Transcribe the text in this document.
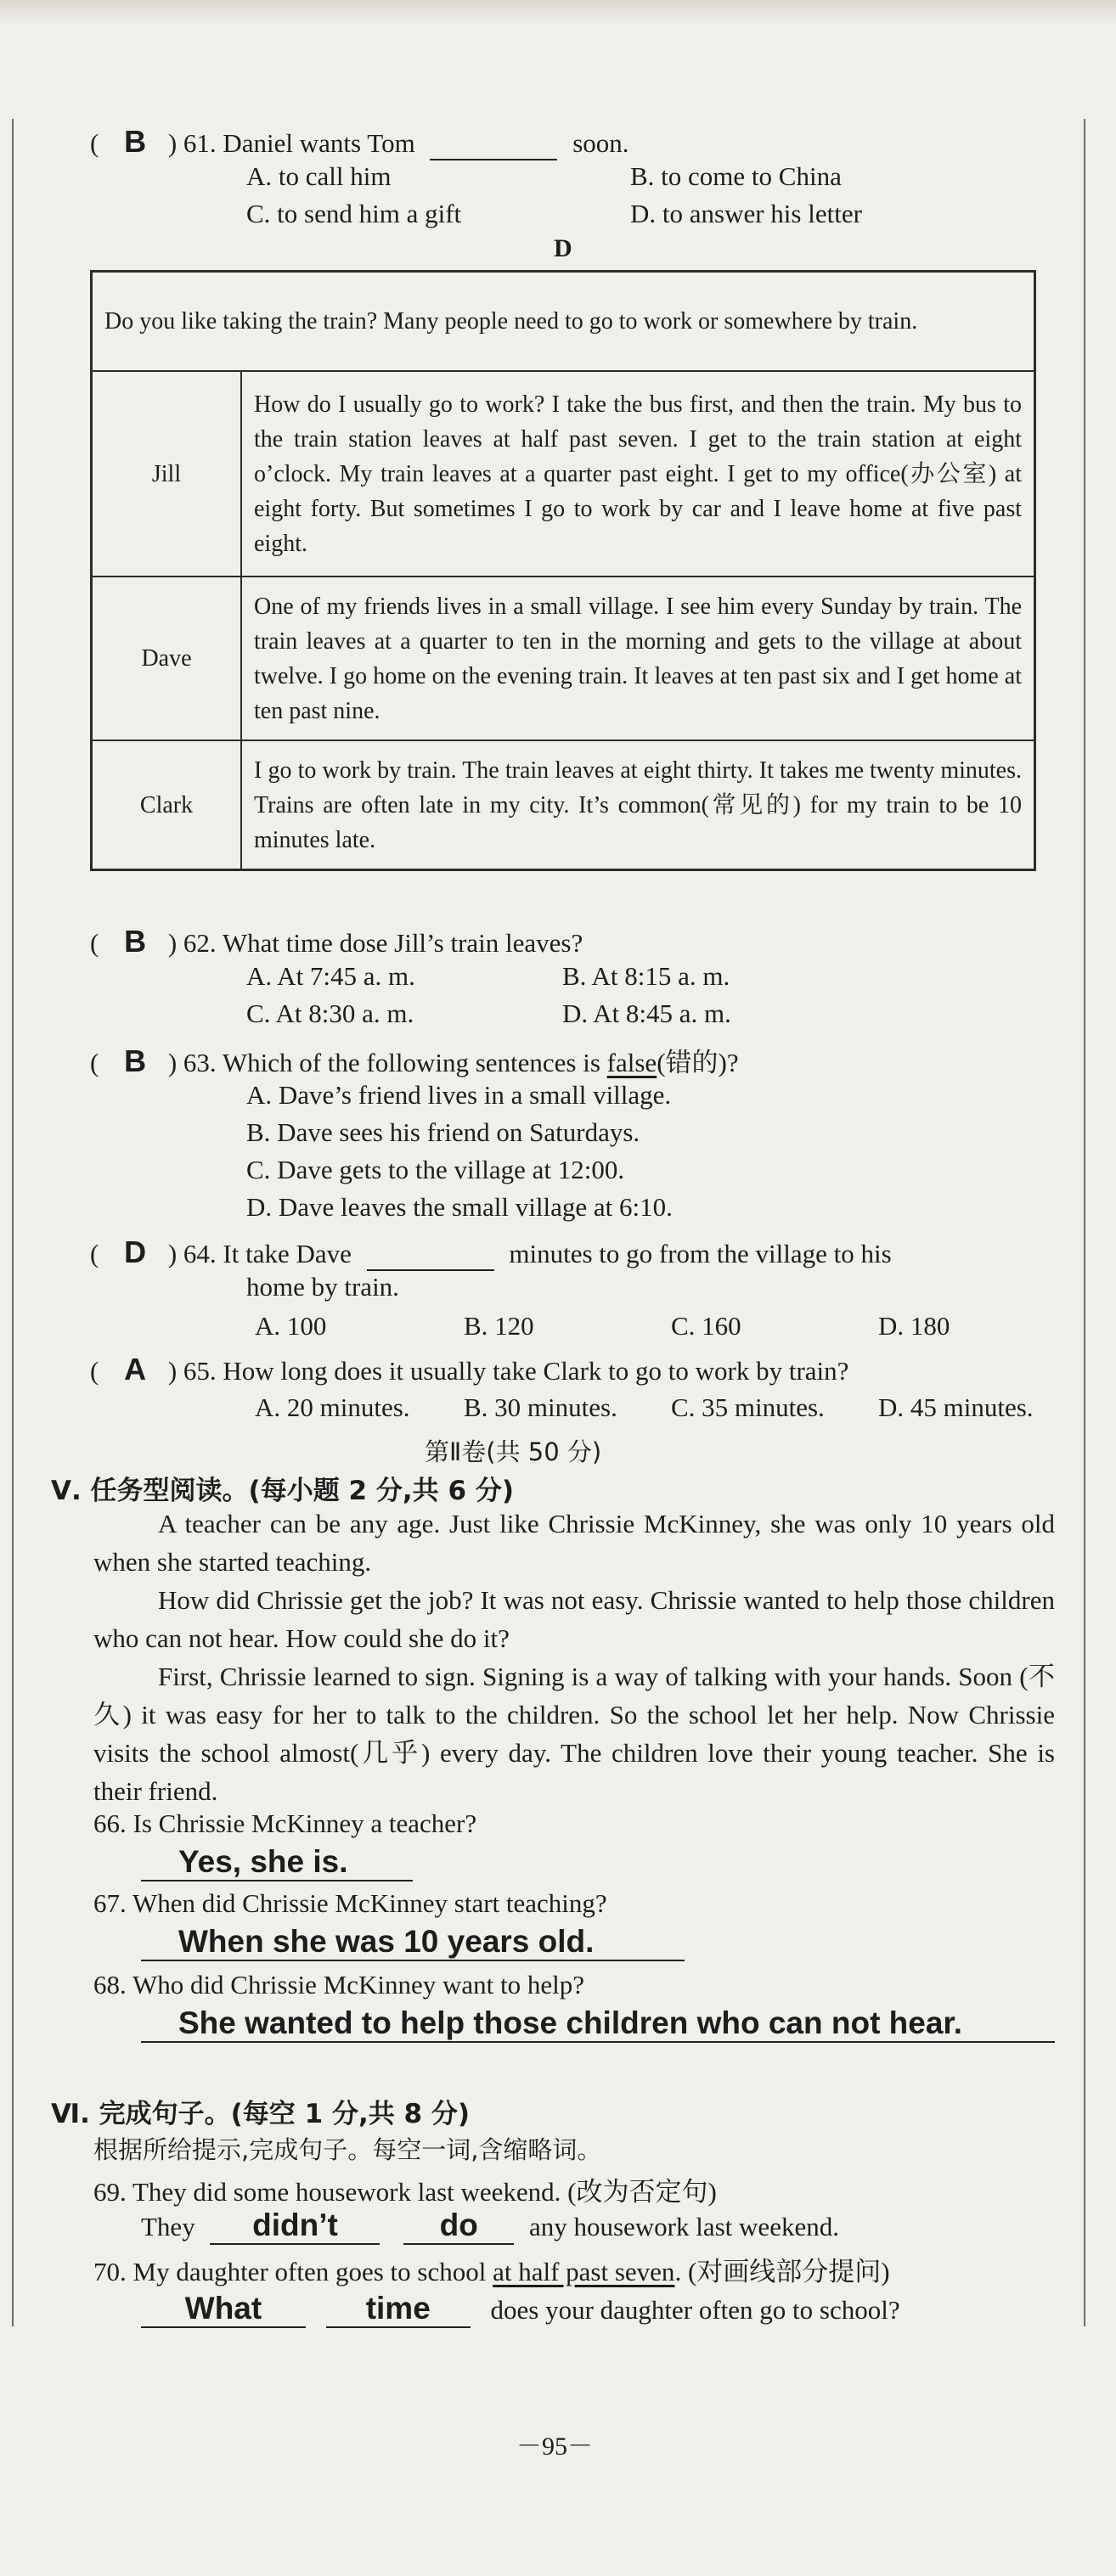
( B ) 61. Daniel wants Tom	soon.
A. to call him	B. to come to China
C. to send him a gift	D. to answer his letter
D
Do you like taking the train? Many people need to go to work or somewhere by train.	
Jill	How do I usually go to work? I take the bus first, and then the train. My bus to the train station leaves at half past seven. I get to the train station at eight o’clock. My train leaves at a quarter past eight. I get to my office(办公室) at eight forty. But sometimes I go to work by car and I leave home at five past eight.
Dave	One of my friends lives in a small village. I see him every Sunday by train. The train leaves at a quarter to ten in the morning and gets to the village at about twelve. I go home on the evening train. It leaves at ten past six and I get home at ten past nine.
Clark	I go to work by train. The train leaves at eight thirty. It takes me twenty minutes. Trains are often late in my city. It’s common(常见的) for my train to be 10 minutes late.
( B ) 62. What time dose Jill’s train leaves?
A. At 7:45 a. m.	B. At 8:15 a. m.
C. At 8:30 a. m.	D. At 8:45 a. m.
( B ) 63. Which of the following sentences is false(错的)?
A. Dave’s friend lives in a small village.
B. Dave sees his friend on Saturdays.
C. Dave gets to the village at 12:00.
D. Dave leaves the small village at 6:10.
( D ) 64. It take Dave	minutes to go from the village to his
home by train.
A. 100	B. 120	C. 160	D. 180
( A ) 65. How long does it usually take Clark to go to work by train?
A. 20 minutes. B. 30 minutes. C. 35 minutes. D. 45 minutes.
第Ⅱ卷(共 50 分)
Ⅴ. 任务型阅读。(每小题 2 分,共 6 分)
A teacher can be any age. Just like Chrissie McKinney, she was only 10 years old when she started teaching.
How did Chrissie get the job? It was not easy. Chrissie wanted to help those children who can not hear. How could she do it?
First, Chrissie learned to sign. Signing is a way of talking with your hands. Soon (不久) it was easy for her to talk to the children. So the school let her help. Now Chrissie visits the school almost(几乎) every day. The children love their young teacher. She is their friend.
66. Is Chrissie McKinney a teacher?
Yes, she is.
67. When did Chrissie McKinney start teaching?
When she was 10 years old.
68. Who did Chrissie McKinney want to help?
She wanted to help those children who can not hear.
Ⅵ. 完成句子。(每空 1 分,共 8 分)
根据所给提示,完成句子。每空一词,含缩略词。
69. They did some housework last weekend. (改为否定句)
They didn’t	do any housework last weekend.
70. My daughter often goes to school at half past seven. (对画线部分提问)
What	time does your daughter often go to school?
－95－
